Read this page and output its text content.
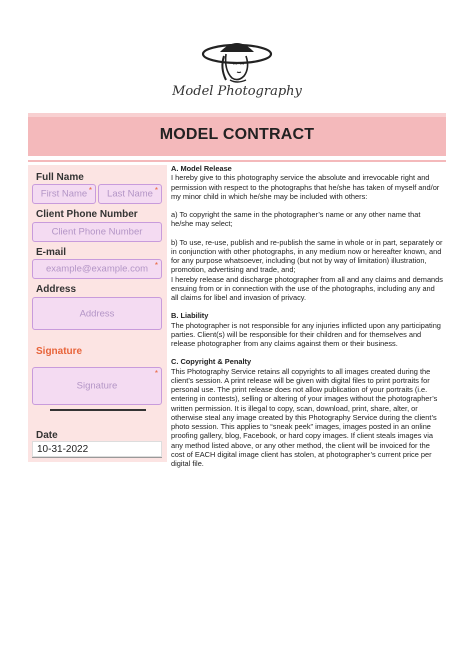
Model Photography
MODEL CONTRACT
Full Name
First Name *	Last Name *
Client Phone Number
Client Phone Number
E-mail
example@example.com *
Address
Address
Signature
Signature
*
Date
10-31-2022

A. Model Release

I hereby give to this photography service the absolute and irrevocable right and permission with respect to the photographs that he/she has taken of myself and/or my minor child in which he/she may be included with others:

a) To copyright the same in the photographer’s name or any other name that he/she may select;

b) To use, re-use, publish and re-publish the same in whole or in part, separately or in conjunction with other photographs, in any medium now or hereafter known, and for any purpose whatsoever, including (but not by way of limitation) illustration, promotion, advertising and trade, and;

I hereby release and discharge photographer from all and any claims and demands ensuing from or in connection with the use of the photographs, including any and all claims for libel and invasion of privacy.

B. Liability

The photographer is not responsible for any injuries inflicted upon any participating parties. Client(s) will be responsible for their children and for themselves and release photographer from any claims against them or their business.

C. Copyright & Penalty

This Photography Service retains all copyrights to all images created during the client’s session. A print release will be given with digital files to print portraits for personal use. The print release does not allow publication of your portraits (i.e. entering in contests), selling or altering of your images without the photographer’s written permission. It is illegal to copy, scan, download, print, share, alter, or otherwise steal any image created by this Photography Service during the client’s photo session. This applies to “sneak peek” images, images posted in an online proofing gallery, blog, Facebook, or hard copy images. If client steals images via any method listed above, or any other method, the client will be invoiced for the cost of EACH digital image client has stolen, at photographer’s current price per digital file.
